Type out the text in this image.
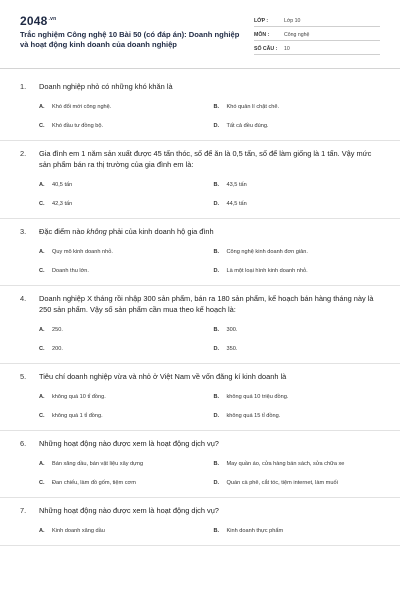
$2048^{.vn}$
Trắc nghiệm Công nghệ 10 Bài 50 (có đáp án): Doanh nghiệp và hoạt động kinh doanh của doanh nghiệp
LỚP :	Lớp 10
MÔN :	Công nghệ
SỐ CÂU :	10
1.	Doanh nghiệp nhỏ có những khó khăn là
A.	Khó đổi mới công nghệ.	B.	Khó quản lí chặt chẽ.
C.	Khó đầu tư đồng bộ.	D.	Tất cả đều đúng.
2.	Gia đình em 1 năm sản xuất được 45 tấn thóc, số để ăn là 0,5 tấn, số để làm giống là 1 tấn. Vậy mức sản phẩm bán ra thị trường của gia đình em là:
A.	40,5 tấn	B.	43,5 tấn
C.	42,3 tấn	D.	44,5 tấn
3.	Đặc điểm nào không phải của kinh doanh hộ gia đình
A.	Quy mô kinh doanh nhỏ.	B.	Công nghệ kinh doanh đơn giản.
C.	Doanh thu lớn.	D.	Là một loại hình kinh doanh nhỏ.
4.	Doanh nghiệp X tháng rồi nhập 300 sản phẩm, bán ra 180 sản phẩm, kế hoạch bán hàng tháng này là 250 sản phẩm. Vậy số sản phẩm cần mua theo kế hoạch là:
A.	250.	B.	300.
C.	200.	D.	350.
5.	Tiêu chí doanh nghiệp vừa và nhỏ ở Việt Nam về vốn đăng kí kinh doanh là
A.	không quá 10 tỉ đồng.	B.	không quá 10 triệu đồng.
C.	không quá 1 tỉ đồng.	D.	không quá 15 tỉ đồng.
6.	Những hoạt động nào được xem là hoạt động dịch vụ?
A.	Bán xăng dầu, bán vật liệu xây dựng	B.	May quần áo, cửa hàng bán sách, sửa chữa xe
C.	Đan chiếu, làm đồ gốm, tiệm cơm	D.	Quán cà phê, cắt tóc, tiệm internet, làm muối
7.	Những hoạt động nào được xem là hoạt động dịch vụ?
A.	Kinh doanh xăng dầu	B.	Kinh doanh thực phẩm
